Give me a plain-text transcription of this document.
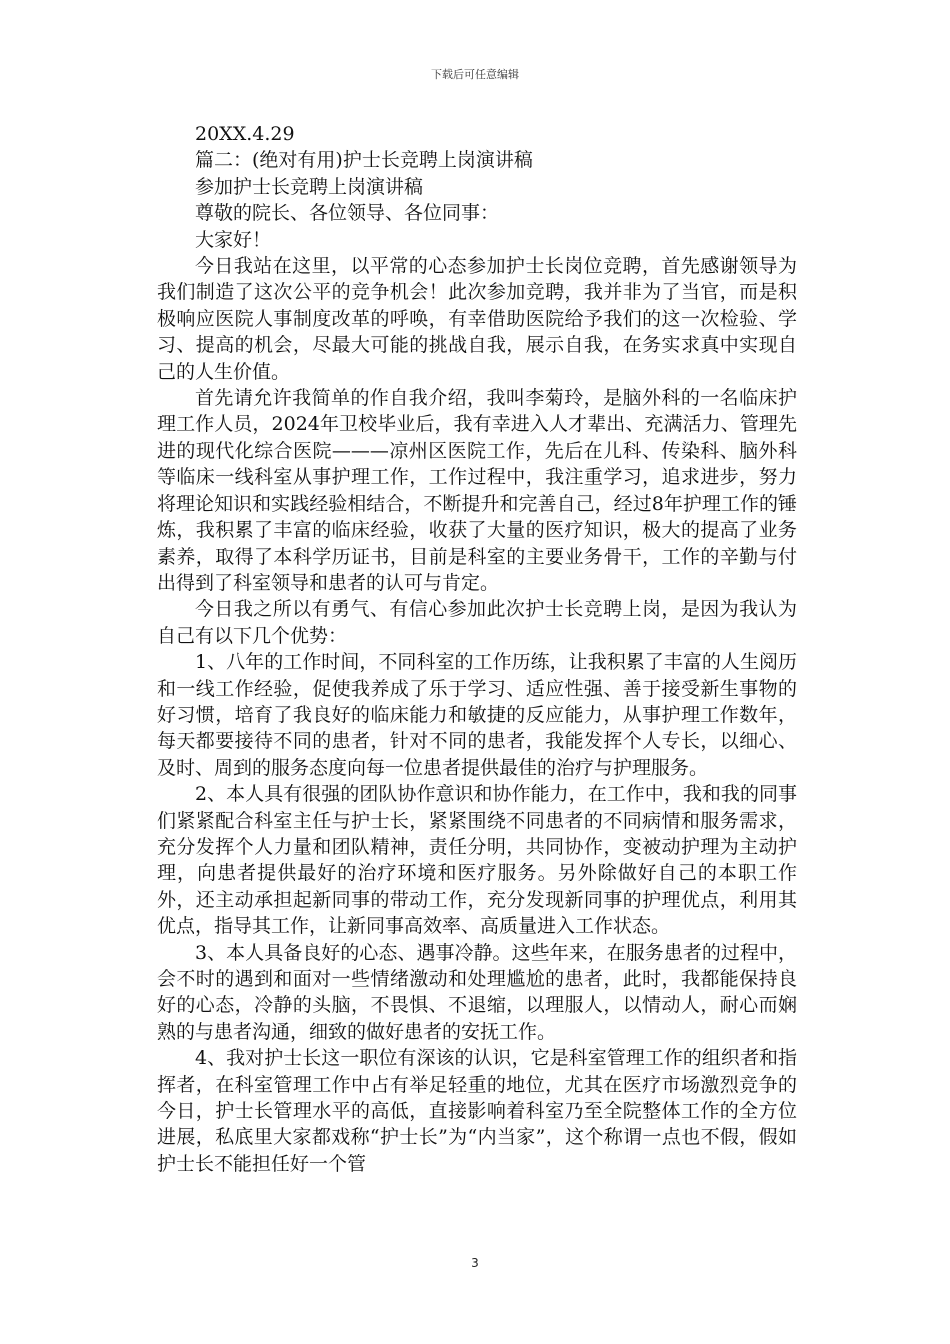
下载后可任意编辑

20XX.4.29

篇二：(绝对有用)护士长竞聘上岗演讲稿

参加护士长竞聘上岗演讲稿

尊敬的院长、各位领导、各位同事：

大家好！

今日我站在这里，以平常的心态参加护士长岗位竞聘，首先感谢领导为我们制造了这次公平的竞争机会！此次参加竞聘，我并非为了当官，而是积极响应医院人事制度改革的呼唤，有幸借助医院给予我们的这一次检验、学习、提高的机会，尽最大可能的挑战自我，展示自我，在务实求真中实现自己的人生价值。

首先请允许我简单的作自我介绍，我叫李菊玲，是脑外科的一名临床护理工作人员，2024年卫校毕业后，我有幸进入人才辈出、充满活力、管理先进的现代化综合医院———凉州区医院工作，先后在儿科、传染科、脑外科等临床一线科室从事护理工作，工作过程中，我注重学习，追求进步，努力将理论知识和实践经验相结合，不断提升和完善自己，经过8年护理工作的锤炼，我积累了丰富的临床经验，收获了大量的医疗知识，极大的提高了业务素养，取得了本科学历证书，目前是科室的主要业务骨干，工作的辛勤与付出得到了科室领导和患者的认可与肯定。

今日我之所以有勇气、有信心参加此次护士长竞聘上岗，是因为我认为自己有以下几个优势：

1、八年的工作时间，不同科室的工作历练，让我积累了丰富的人生阅历和一线工作经验，促使我养成了乐于学习、适应性强、善于接受新生事物的好习惯，培育了我良好的临床能力和敏捷的反应能力，从事护理工作数年，每天都要接待不同的患者，针对不同的患者，我能发挥个人专长，以细心、及时、周到的服务态度向每一位患者提供最佳的治疗与护理服务。

2、本人具有很强的团队协作意识和协作能力，在工作中，我和我的同事们紧紧配合科室主任与护士长，紧紧围绕不同患者的不同病情和服务需求，充分发挥个人力量和团队精神，责任分明，共同协作，变被动护理为主动护理，向患者提供最好的治疗环境和医疗服务。另外除做好自己的本职工作外，还主动承担起新同事的带动工作，充分发现新同事的护理优点，利用其优点，指导其工作，让新同事高效率、高质量进入工作状态。

3、本人具备良好的心态、遇事冷静。这些年来，在服务患者的过程中，会不时的遇到和面对一些情绪激动和处理尴尬的患者，此时，我都能保持良好的心态，冷静的头脑，不畏惧、不退缩，以理服人，以情动人，耐心而娴熟的与患者沟通，细致的做好患者的安抚工作。

4、我对护士长这一职位有深该的认识，它是科室管理工作的组织者和指挥者，在科室管理工作中占有举足轻重的地位，尤其在医疗市场激烈竞争的今日，护士长管理水平的高低，直接影响着科室乃至全院整体工作的全方位进展，私底里大家都戏称“护士长”为“内当家”，这个称谓一点也不假，假如护士长不能担任好一个管

3
